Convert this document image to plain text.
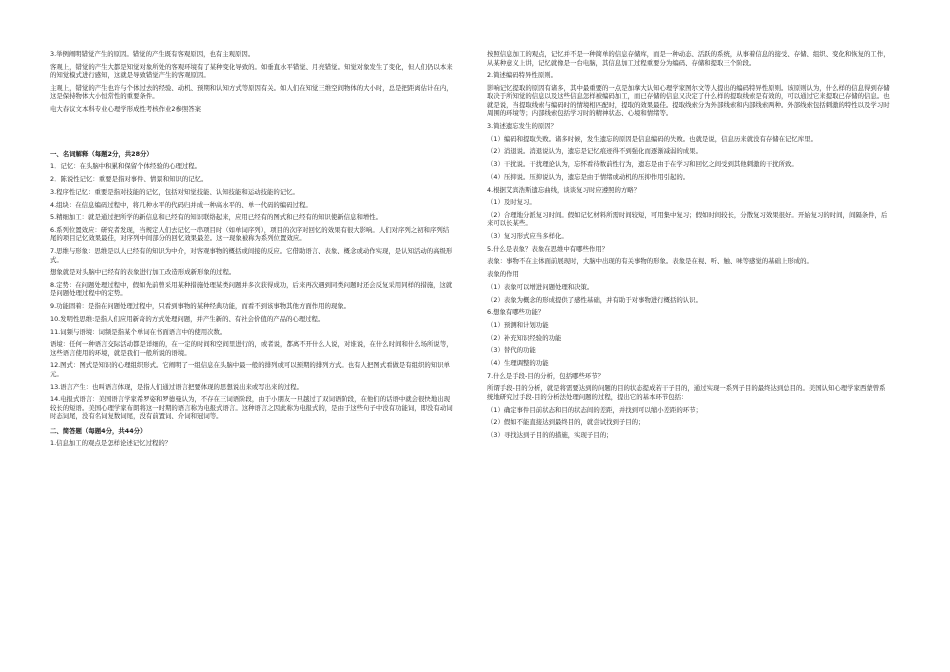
3.举例阐明错觉产生的原因。错觉的产生既有客观原因，也有主观原因。

客观上，错觉的产生大都是知觉对象所处的客观环境有了某种变化导致的。如垂直水平错觉、月亮错觉。知觉对象发生了变化，但人们仍以本来的知觉模式进行感知，这就是导致错觉产生的客观原因。

主观上，错觉的产生也许与个体过去的经验、动机、预期和认知方式等原因有关。如人们在知觉三维空间物体的大小时，总是把距离估计在内，这是保持物体大小恒常性的重要条件。

电大春议文本科专业心理学形成性考核作业2参照答案

一、名词解释（每题2分，共28分）

1．记忆：在头脑中积累和保留个体经验的心理过程。

2．陈说性记忆：重要是指对事件、情景和知识的记忆。

3.程序性记忆：重要是指对技能的记忆，包括对知觉技能、认知技能和运动技能的记忆。

4.组块：在信息编码过程中，将几种水平的代码归并成一种高水平的、单一代码的编码过程。

5.精细加工：就是通过把所学的新信息和已经有的知识联络起来，应用已经有的图式和已经有的知识使新信息和增性。

6.系列位置效应：研究者发现，当规定人们去记忆一串项目时（如单词序列），项目的次序对回忆的效果有很大影响。人们对序列之初和序列结尾的项目记忆效果最佳，对序列中间部分的回忆效果最差。这一现象被称为系列位置效应。

7.思维与形象：思维是以人已经有的知识为中介，对客观事物的概括或间接的反应。它借助语言、表象、概念或动作实现，是认知活动的高级形式。

想象就是对头脑中已经有的表象进行加工改造形成新形象的过程。

8.定势：在问题处理过程中，假如先前曾采用某种措施处理某类问题并多次获得成功，后来再次遇到同类问题时还会反复采用同样的措施，这就是问题处理过程中的定势。

9.功能固着：是指在问题处理过程中，只看到事物的某种经典功能，而看不到该事物其他方面作用的现象。

10.发明性思维:是指人们应用新奇的方式处理问题，并产生新的、有社会价值的产品的心理过程。

11.词频与语境：词频是指某个单词在书面语言中的使用次数。

语境：任何一种语言交际活动都是详细的，在一定的时间和空间里进行的，或者说，都离不开什么人说，对谁说，在什么时间和什么场所说等，这些语言使用的环境，就是我们一般所说的语境。

12.图式：图式是知识的心理组织形式。它阐明了一组信息在头脑中最一般的排列或可以预期的排列方式。也有人把图式看做是有组织的知识单元。

13.语言产生：也叫语言体现，是指人们通过语言把要体现的思想说出来或写出来的过程。

14.电报式语言：美国语言学家希罗姿和罗德曼认为，不存在三词语阶段，由于小朋友一旦越过了双词语阶段，在他们的话语中就会很快地出现较长的短语。美国心理学家布朗将这一时期的语言称为电报式语言。这种语言之因此称为电报式的，是由于这些句子中没有功能词，即没有动词时态词尾，没有名词复数词尾，没有前置词、介词和冠词等。

二、简答题（每题4分，共44分）

1.信息加工的观点是怎样论述记忆过程的？

按照信息加工的观点，记忆并不是一种简单的信息存储库，而是一种动态、活跃的系统，从事着信息的接受、存储、组织、变化和恢复的工作，从某种意义上讲，记忆就像是一台电脑，其信息加工过程重要分为编码、存储和提取三个阶段。

2.简述编码特异性原则。

影响记忆提取的原因有诸多，其中最重要的一点是加拿大认知心理学家图尔文等人提出的编码特异性原则。该原则认为，什么样的信息得到存储取决于所知觉的信息以及这些信息怎样被编码加工，而已存储的信息又决定了什么样的提取线索是有效的，可以通过它来提取已存储的信息。也就是说，当提取线索与编码时的情境相匹配时，提取的效果最佳。提取线索分为外部线索和内部线索两种。外部线索包括刺激的特性以及学习时周围的环境等；内部线索包括学习时的精神状态、心境和情绪等。

3.简述遗忘发生的原因？

（1）编码和提取失败。诸多时候，发生遗忘的原因是信息编码的失败。也就是说，信息历来就没有存储在记忆库里。

（2）消退说。消退说认为，遗忘是记忆痕迹得不到强化而逐渐减弱的成果。

（3）干扰说。干扰理论认为，忘怀看待数前性行为，遗忘是由于在学习和回忆之间受到其他刺激的干扰所致。

（4）压抑说。压抑说认为，遗忘是由于情绪或动机的压抑作用引起的。

4.根据艾宾浩斯遗忘曲线，谈谈复习时应遵照的方略？

（1）及时复习。

（2）合理地分派复习时间。假如记忆材料所需时间较短，可用集中复习；假如时间较长，分散复习效果很好。开始复习的时间，间隔条件，后来可以长某些。

（3）复习形式应当多样化。

5.什么是表象？表象在思维中有哪些作用？

表象：事物不在主体面前展现时，大脑中出现的有关事物的形象。表象是在视、听、触、味等感觉的基础上形成的。

表象的作用

（1）表象可以增进问题处理和决策。

（2）表象为概念的形成提供了感性基础，并有助于对事物进行概括的认识。

6.想象有哪些功能？

（1）预测和计划功能

（2）补充知识经验的功能

（3）替代的功能

（4）生理调整的功能

7.什么是手段-目的分析，包括哪些环节？

所谓手段-目的分析，就是将需要达到的问题的目的状态提成若干子目的，通过实现一系列子目的最终达到总目的。美国认知心理学家西蒙曾系统地研究过手段-目的分析法处理问题的过程，提出它的基本环节包括：

（1）确定事件目前状态和目的状态间的差距，并找到可以缩小差距的环节；

（2）假如不能直接达到最终目的，就尝试找到子目的；

（3）寻找达到子目的的措施，实现子目的；
